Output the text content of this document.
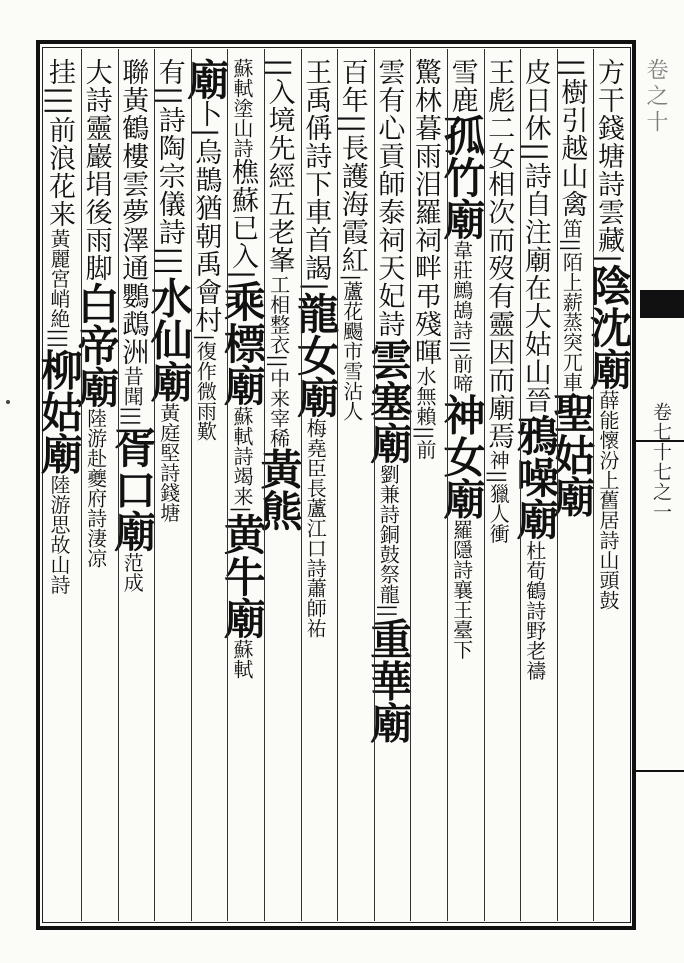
卷之十
卷七十七之一
方干錢塘詩雲藏|陰沈廟薛能懷汾上舊居詩山頭鼓
||樹引越山禽笛||陌上薪蒸突兀車聖姑廟
皮日休||詩自注廟在大姑山晉鴉噪廟杜荀鶴詩野老禱
王彪二女相次而歿有靈因而廟焉神||獵人衝
雪鹿孤竹廟韋莊鷓鴣詩||前啼神女廟羅隱詩襄王臺下
驚林暮雨泪羅祠畔弔殘暉水無賴||前
雲有心貢師泰祠天妃詩雲塞廟劉兼詩銅鼓祭龍||重華廟
百年||長護海霞紅|蘆花颺市雪沾人
王禹偁詩下車首謁|龍女廟梅堯臣長蘆江口詩蕭師祐
||入境先經五老峯工相整衣||中来宰稀黃熊
蘇軾塗山詩樵蘇已入|乘標廟蘇軾詩竭来|黄牛廟蘇軾
廟卜|烏鵲猶朝禹會村|復作微雨歎
有||詩陶宗儀詩|||水仙廟黃庭堅詩錢塘
聯黃鶴樓雲夢澤通鸚鵡洲昔聞|||胥口廟范成
大詩靈巖埍後雨脚白帝廟陸游赴夔府詩淒凉
挂|||前浪花来黃麗宮峭絶|||柳姑廟陸游思故山詩
